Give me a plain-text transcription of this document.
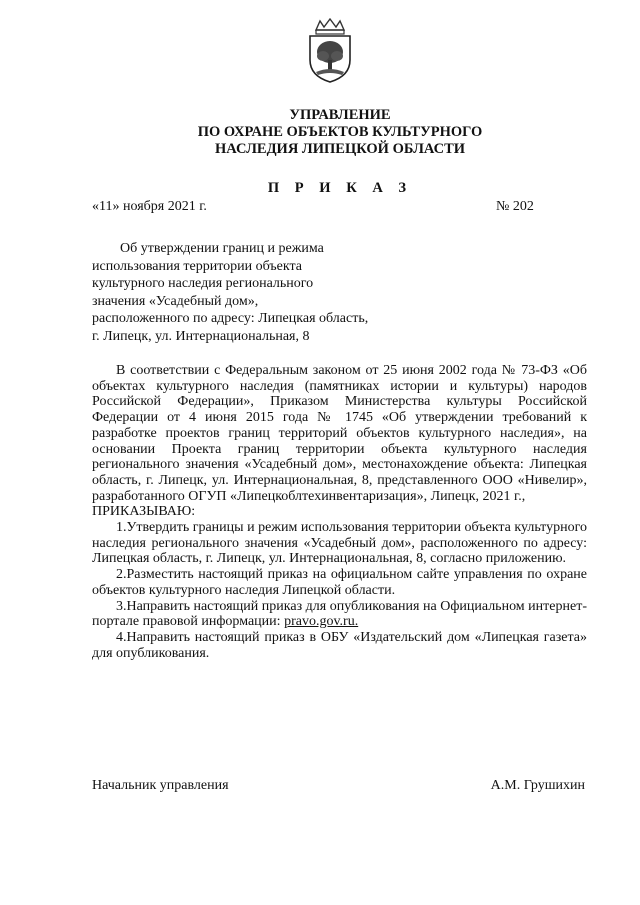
УПРАВЛЕНИЕ
ПО ОХРАНЕ ОБЪЕКТОВ КУЛЬТУРНОГО
НАСЛЕДИЯ ЛИПЕЦКОЙ ОБЛАСТИ
П Р И К А З
«11» ноября 2021 г.	№ 202

Об утверждении границ и режима

использования территории объекта

культурного наследия регионального

значения «Усадебный дом»,

расположенного по адресу: Липецкая область,

г. Липецк, ул. Интернациональная, 8

В соответствии с Федеральным законом от 25 июня 2002 года № 73-ФЗ «Об объектах культурного наследия (памятниках истории и культуры) народов Российской Федерации», Приказом Министерства культуры Российской Федерации от 4 июня 2015 года № 1745 «Об утверждении требований к разработке проектов границ территорий объектов культурного наследия», на основании Проекта границ территории объекта культурного наследия регионального значения «Усадебный дом», местонахождение объекта: Липецкая область, г. Липецк, ул. Интернациональная, 8, представленного ООО «Нивелир», разработанного ОГУП «Липецкоблтехинвентаризация», Липецк, 2021 г.,

ПРИКАЗЫВАЮ:

1.Утвердить границы и режим использования территории объекта культурного наследия регионального значения «Усадебный дом», расположенного по адресу: Липецкая область, г. Липецк, ул. Интернациональная, 8, согласно приложению.

2.Разместить настоящий приказ на официальном сайте управления по охране объектов культурного наследия Липецкой области.

3.Направить настоящий приказ для опубликования на Официальном интернет-портале правовой информации: pravo.gov.ru.

4.Направить настоящий приказ в ОБУ «Издательский дом «Липецкая газета» для опубликования.

Начальник управления	А.М. Грушихин
